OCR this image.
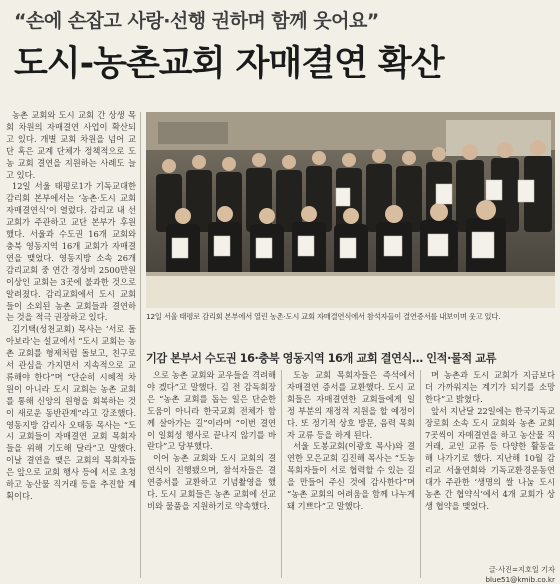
“손에 손잡고 사랑·선행 권하며 함께 웃어요”
도시-농촌교회 자매결연 확산

농촌 교회와 도시 교회 간 상생 목회 차원의 자매결연 사업이 확산되고 있다. 개별 교회 차원을 넘어 교단 혹은 교계 단체가 정책적으로 도농 교회 결연을 지원하는 사례도 늘고 있다.

12일 서울 태평로1가 기독교대한감리회 본부에서는 ‘농촌·도시 교회 자매결연식’이 열렸다. 감리교 내 선교회가 주관하고 교단 본부가 후원했다. 서울과 수도권 16개 교회와 충북 영동지역 16개 교회가 자매결연을 맺었다. 영동지방 소속 26개 감리교회 중 연간 경상비 2500만원 이상인 교회는 3곳에 불과한 것으로 알려졌다. 감리교회에서 도시 교회들이 소외된 농촌 교회들과 결연하는 것을 적극 권장하고 있다.

김기택(성천교회) 목사는 ‘서로 돌아보라’는 설교에서 “도시 교회는 농촌 교회를 형제처럼 돌보고, 친구로서 관심을 가지면서 지속적으로 교류해야 한다”며 “단순히 시혜적 차원이 아니라 도시 교회는 농촌 교회를 통해 신앙의 원형을 회복하는 것이 새로운 동반관계”라고 강조했다. 영동지방 감리사 오태동 목사는 “도시 교회들이 자매결연 교회 목회자들을 위해 기도해 달라”고 말했다. 이날 결연을 맺은 교회의 목회자들은 앞으로 교회 행사 등에 서로 초청하고 농산물 직거래 등을 추진할 계획이다.

12일 서울 태평로 감리회 본부에서 열린 농촌·도시 교회 자매결연식에서 참석자들이 결연증서를 내보이며 웃고 있다.
기감 본부서 수도권 16·충북 영동지역 16개 교회 결연식… 인적·물적 교류

으로 농촌 교회와 교우들을 격려해야 겠다”고 말했다. 김 전 감독회장은 “농촌 교회를 돕는 일은 단순한 도움이 아니라 한국교회 전체가 함께 살아가는 길”이라며 “이번 결연이 일회성 행사로 끝나지 않기를 바란다”고 당부했다.

이어 농촌 교회와 도시 교회의 결연식이 진행됐으며, 참석자들은 결연증서를 교환하고 기념촬영을 했다. 도시 교회들은 농촌 교회에 선교비와 물품을 지원하기로 약속했다.

도농 교회 목회자들은 즉석에서 자매결연 증서를 교환했다. 도시 교회들은 자매결연한 교회들에게 일정 부분의 재정적 지원을 할 예정이다. 또 정기적 상호 방문, 음력 목회자 교류 등을 하게 된다.

서울 도봉교회(이광호 목사)와 결연한 모은교회 김진해 목사는 “도농 목회자들이 서로 협력할 수 있는 길을 만들어 주신 것에 감사한다”며 “농촌 교회의 어려움을 함께 나누게 돼 기쁘다”고 말했다.

며 농촌과 도시 교회가 지금보다 더 가까워지는 계기가 되기를 소망한다”고 밝혔다.

앞서 지난달 22일에는 한국기독교장로회 소속 도시 교회와 농촌 교회 7곳씩이 자매결연을 하고 농산물 직거래, 교인 교류 등 다양한 활동을 해 나가기로 했다. 지난해 10월 감리교 서울연회와 기독교환경운동연대가 주관한 ‘생명의 쌀 나눔 도시 농촌 간 협약식’에서 4개 교회가 상생 협약을 맺었다.

글·사진=지호일 기자 blue51@kmib.co.kr
